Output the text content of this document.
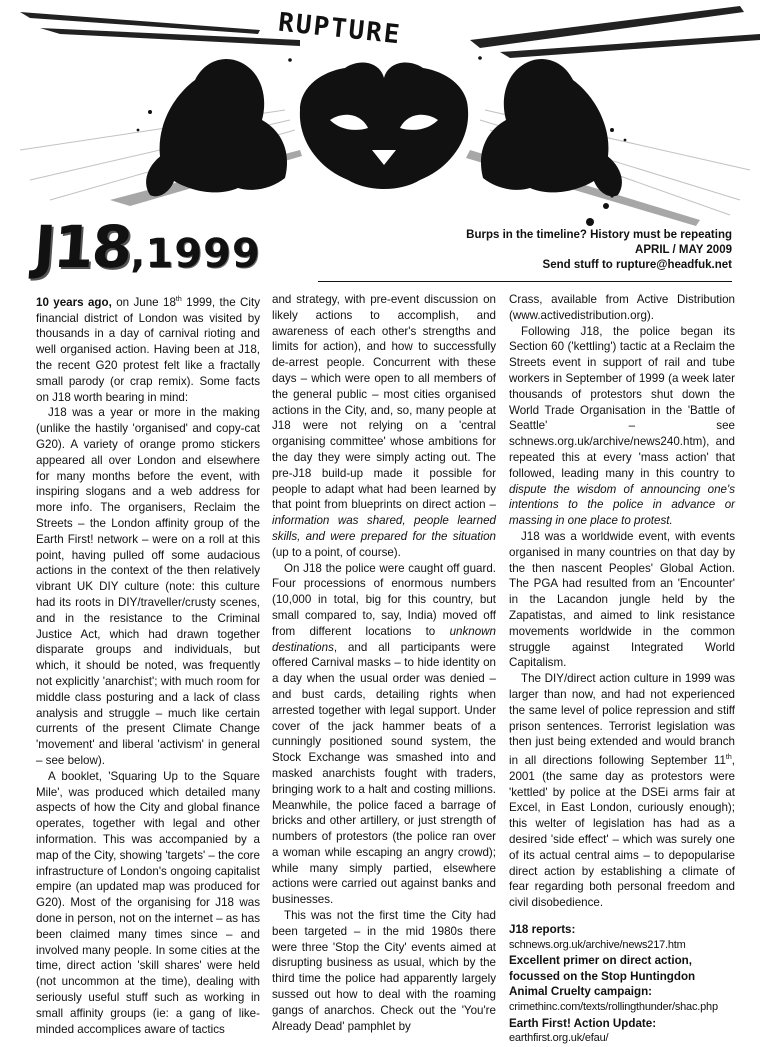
RUPTURE
J18,1999	Burps in the timeline? History must be repeating
APRIL / MAY 2009
Send stuff to rupture@headfuk.net

10 years ago, on June 18th 1999, the City financial district of London was visited by thousands in a day of carnival rioting and well organised action. Having been at J18, the recent G20 protest felt like a fractally small parody (or crap remix). Some facts on J18 worth bearing in mind:

J18 was a year or more in the making (unlike the hastily 'organised' and copy-cat G20). A variety of orange promo stickers appeared all over London and elsewhere for many months before the event, with inspiring slogans and a web address for more info. The organisers, Reclaim the Streets – the London affinity group of the Earth First! network – were on a roll at this point, having pulled off some audacious actions in the context of the then relatively vibrant UK DIY culture (note: this culture had its roots in DIY/traveller/crusty scenes, and in the resistance to the Criminal Justice Act, which had drawn together disparate groups and individuals, but which, it should be noted, was frequently not explicitly 'anarchist'; with much room for middle class posturing and a lack of class analysis and struggle – much like certain currents of the present Climate Change 'movement' and liberal 'activism' in general – see below).

A booklet, 'Squaring Up to the Square Mile', was produced which detailed many aspects of how the City and global finance operates, together with legal and other information. This was accompanied by a map of the City, showing 'targets' – the core infrastructure of London's ongoing capitalist empire (an updated map was produced for G20). Most of the organising for J18 was done in person, not on the internet – as has been claimed many times since – and involved many people. In some cities at the time, direct action 'skill shares' were held (not uncommon at the time), dealing with seriously useful stuff such as working in small affinity groups (ie: a gang of like-minded accomplices aware of tactics

and strategy, with pre-event discussion on likely actions to accomplish, and awareness of each other's strengths and limits for action), and how to successfully de-arrest people. Concurrent with these days – which were open to all members of the general public – most cities organised actions in the City, and, so, many people at J18 were not relying on a 'central organising committee' whose ambitions for the day they were simply acting out. The pre-J18 build-up made it possible for people to adapt what had been learned by that point from blueprints on direct action – information was shared, people learned skills, and were prepared for the situation (up to a point, of course).

On J18 the police were caught off guard. Four processions of enormous numbers (10,000 in total, big for this country, but small compared to, say, India) moved off from different locations to unknown destinations, and all participants were offered Carnival masks – to hide identity on a day when the usual order was denied – and bust cards, detailing rights when arrested together with legal support. Under cover of the jack hammer beats of a cunningly positioned sound system, the Stock Exchange was smashed into and masked anarchists fought with traders, bringing work to a halt and costing millions. Meanwhile, the police faced a barrage of bricks and other artillery, or just strength of numbers of protestors (the police ran over a woman while escaping an angry crowd); while many simply partied, elsewhere actions were carried out against banks and businesses.

This was not the first time the City had been targeted – in the mid 1980s there were three 'Stop the City' events aimed at disrupting business as usual, which by the third time the police had apparently largely sussed out how to deal with the roaming gangs of anarchos. Check out the 'You're Already Dead' pamphlet by

Crass, available from Active Distribution (www.activedistribution.org).

Following J18, the police began its Section 60 ('kettling') tactic at a Reclaim the Streets event in support of rail and tube workers in September of 1999 (a week later thousands of protestors shut down the World Trade Organisation in the 'Battle of Seattle' – see schnews.org.uk/archive/news240.htm), and repeated this at every 'mass action' that followed, leading many in this country to dispute the wisdom of announcing one's intentions to the police in advance or massing in one place to protest.

J18 was a worldwide event, with events organised in many countries on that day by the then nascent Peoples' Global Action. The PGA had resulted from an 'Encounter' in the Lacandon jungle held by the Zapatistas, and aimed to link resistance movements worldwide in the common struggle against Integrated World Capitalism.

The DIY/direct action culture in 1999 was larger than now, and had not experienced the same level of police repression and stiff prison sentences. Terrorist legislation was then just being extended and would branch in all directions following September 11th, 2001 (the same day as protestors were 'kettled' by police at the DSEi arms fair at Excel, in East London, curiously enough); this welter of legislation has had as a desired 'side effect' – which was surely one of its actual central aims – to depopularise direct action by establishing a climate of fear regarding both personal freedom and civil disobedience.

J18 reports:
schnews.org.uk/archive/news217.htm
Excellent primer on direct action, focussed on the Stop Huntingdon Animal Cruelty campaign:
crimethinc.com/texts/rollingthunder/shac.php
Earth First! Action Update:
earthfirst.org.uk/efau/
